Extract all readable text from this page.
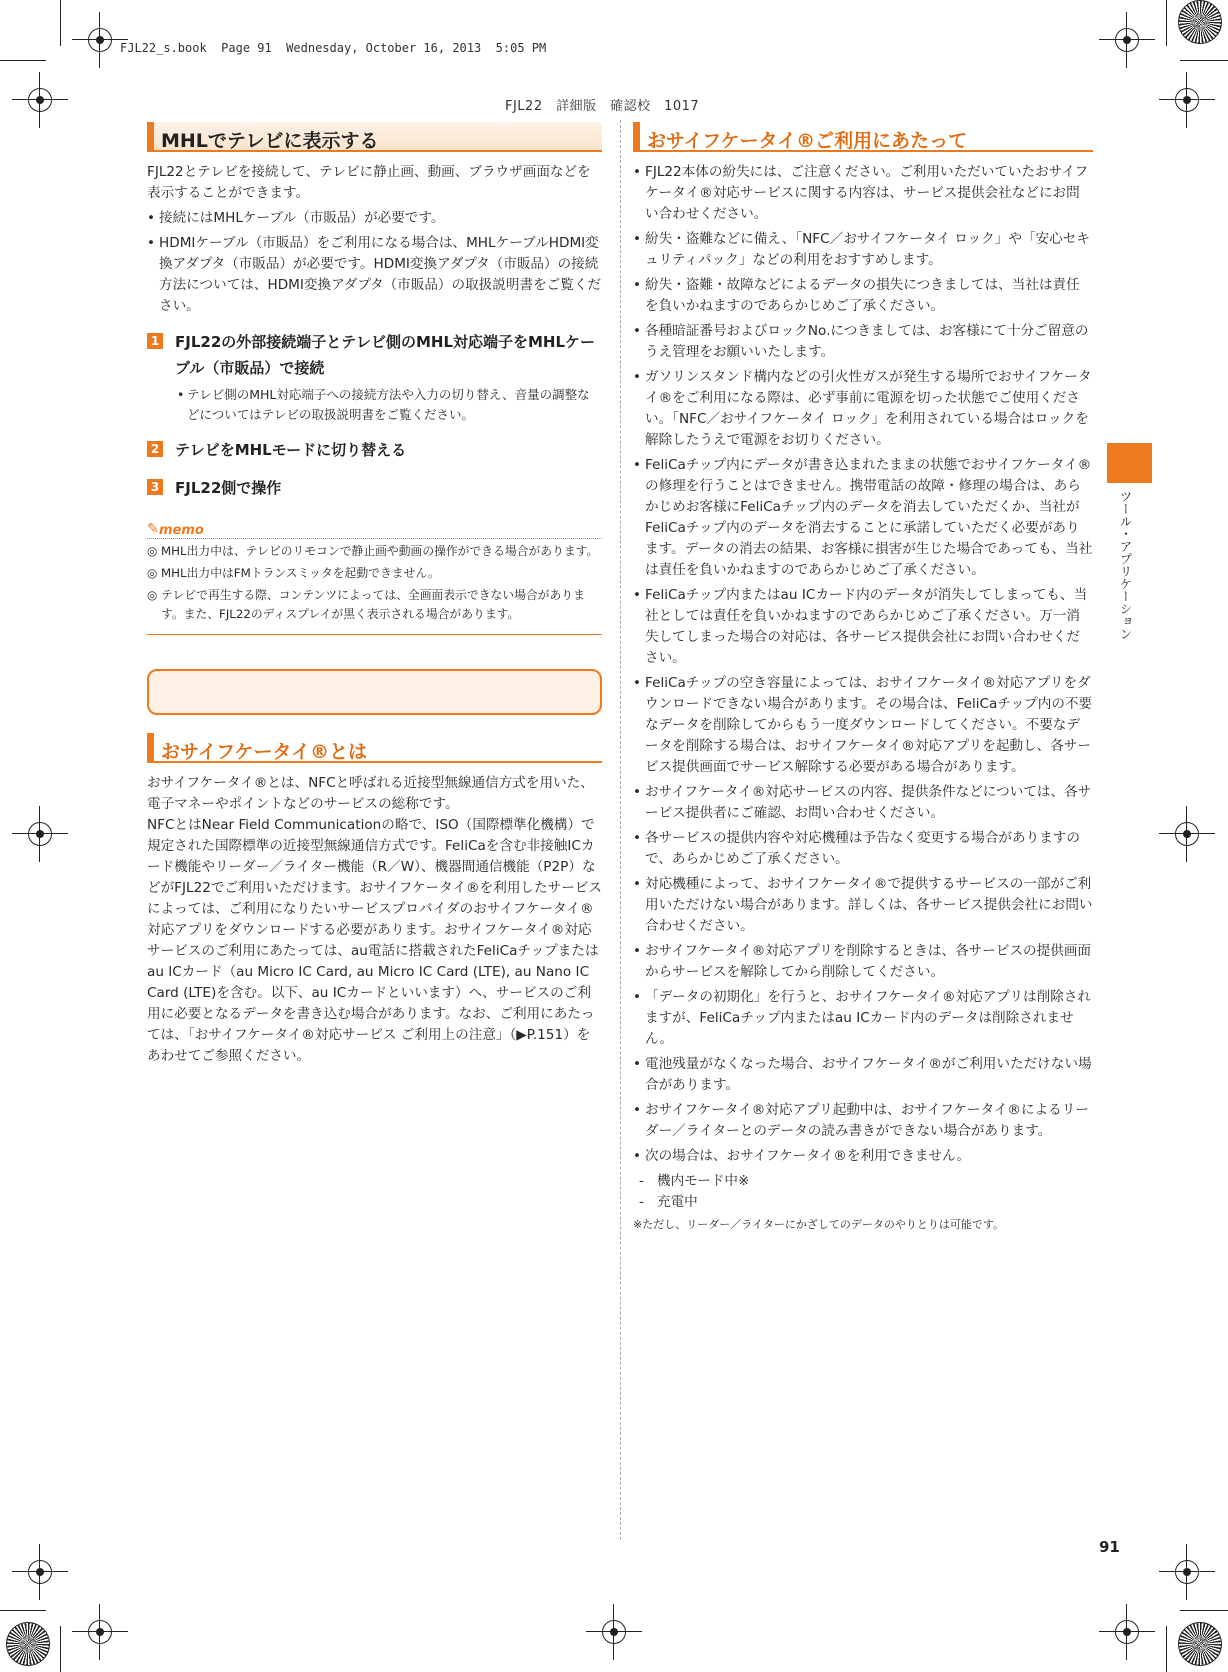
FJL22_s.book  Page 91  Wednesday, October 16, 2013  5:05 PM
FJL22　詳細版　確認校　1017
ツール・アプリケーション
MHLでテレビに表示する
FJL22とテレビを接続して、テレビに静止画、動画、ブラウザ画面などを表示することができます。
• 接続にはMHLケーブル（市販品）が必要です。
• HDMIケーブル（市販品）をご利用になる場合は、MHLケーブルHDMI変換アダプタ（市販品）が必要です。HDMI変換アダプタ（市販品）の接続方法については、HDMI変換アダプタ（市販品）の取扱説明書をご覧ください。
1 FJL22の外部接続端子とテレビ側のMHL対応端子をMHLケーブル（市販品）で接続
• テレビ側のMHL対応端子への接続方法や入力の切り替え、音量の調整などについてはテレビの取扱説明書をご覧ください。
2 テレビをMHLモードに切り替える
3 FJL22側で操作
✎ memo
◎ MHL出力中は、テレビのリモコンで静止画や動画の操作ができる場合があります。
◎ MHL出力中はFMトランスミッタを起動できません。
◎ テレビで再生する際、コンテンツによっては、全画面表示できない場合があります。また、FJL22のディスプレイが黒く表示される場合があります。
おサイフケータイ®とは
おサイフケータイ®とは、NFCと呼ばれる近接型無線通信方式を用いた、電子マネーやポイントなどのサービスの総称です。
NFCとはNear Field Communicationの略で、ISO（国際標準化機構）で規定された国際標準の近接型無線通信方式です。FeliCaを含む非接触ICカード機能やリーダー／ライター機能（R／W）、機器間通信機能（P2P）などがFJL22でご利用いただけます。おサイフケータイ®を利用したサービスによっては、ご利用になりたいサービスプロバイダのおサイフケータイ®対応アプリをダウンロードする必要があります。おサイフケータイ®対応サービスのご利用にあたっては、au電話に搭載されたFeliCaチップまたはau ICカード（au Micro IC Card, au Micro IC Card (LTE), au Nano IC Card (LTE)を含む。以下、au ICカードといいます）へ、サービスのご利用に必要となるデータを書き込む場合があります。なお、ご利用にあたっては、「おサイフケータイ®対応サービス ご利用上の注意」（▶P.151）をあわせてご参照ください。
おサイフケータイ®ご利用にあたって
• FJL22本体の紛失には、ご注意ください。ご利用いただいていたおサイフケータイ®対応サービスに関する内容は、サービス提供会社などにお問い合わせください。
• 紛失・盗難などに備え、「NFC／おサイフケータイ ロック」や「安心セキュリティパック」などの利用をおすすめします。
• 紛失・盗難・故障などによるデータの損失につきましては、当社は責任を負いかねますのであらかじめご了承ください。
• 各種暗証番号およびロックNo.につきましては、お客様にて十分ご留意のうえ管理をお願いいたします。
• ガソリンスタンド構内などの引火性ガスが発生する場所でおサイフケータイ®をご利用になる際は、必ず事前に電源を切った状態でご使用ください。「NFC／おサイフケータイ ロック」を利用されている場合はロックを解除したうえで電源をお切りください。
• FeliCaチップ内にデータが書き込まれたままの状態でおサイフケータイ®の修理を行うことはできません。携帯電話の故障・修理の場合は、あらかじめお客様にFeliCaチップ内のデータを消去していただくか、当社がFeliCaチップ内のデータを消去することに承諾していただく必要があります。データの消去の結果、お客様に損害が生じた場合であっても、当社は責任を負いかねますのであらかじめご了承ください。
• FeliCaチップ内またはau ICカード内のデータが消失してしまっても、当社としては責任を負いかねますのであらかじめご了承ください。万一消失してしまった場合の対応は、各サービス提供会社にお問い合わせください。
• FeliCaチップの空き容量によっては、おサイフケータイ®対応アプリをダウンロードできない場合があります。その場合は、FeliCaチップ内の不要なデータを削除してからもう一度ダウンロードしてください。不要なデータを削除する場合は、おサイフケータイ®対応アプリを起動し、各サービス提供画面でサービス解除する必要がある場合があります。
• おサイフケータイ®対応サービスの内容、提供条件などについては、各サービス提供者にご確認、お問い合わせください。
• 各サービスの提供内容や対応機種は予告なく変更する場合がありますので、あらかじめご了承ください。
• 対応機種によって、おサイフケータイ®で提供するサービスの一部がご利用いただけない場合があります。詳しくは、各サービス提供会社にお問い合わせください。
• おサイフケータイ®対応アプリを削除するときは、各サービスの提供画面からサービスを解除してから削除してください。
• 「データの初期化」を行うと、おサイフケータイ®対応アプリは削除されますが、FeliCaチップ内またはau ICカード内のデータは削除されません。
• 電池残量がなくなった場合、おサイフケータイ®がご利用いただけない場合があります。
• おサイフケータイ®対応アプリ起動中は、おサイフケータイ®によるリーダー／ライターとのデータの読み書きができない場合があります。
• 次の場合は、おサイフケータイ®を利用できません。
- 機内モード中※
- 充電中
※ただし、リーダー／ライターにかざしてのデータのやりとりは可能です。
91
